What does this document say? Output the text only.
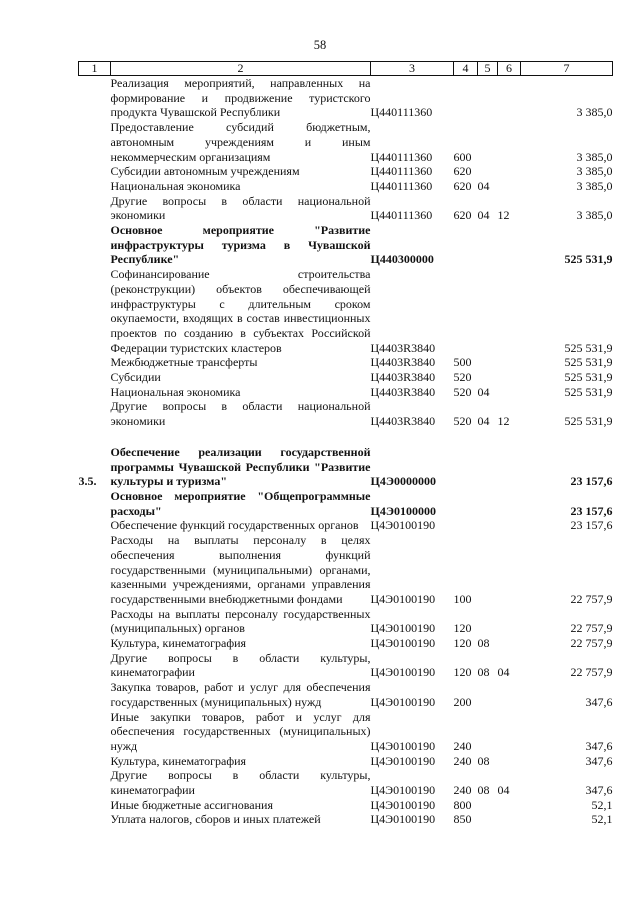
58
1	2	3	4	5	6	7
	Реализация мероприятий, направленных на формирование и продвижение туристского продукта Чувашской Республики	Ц440111360				3 385,0
	Предоставление субсидий бюджетным, автономным учреждениям и иным некоммерческим организациям	Ц440111360	600			3 385,0
	Субсидии автономным учреждениям	Ц440111360	620			3 385,0
	Национальная экономика	Ц440111360	620	04		3 385,0
	Другие вопросы в области национальной экономики	Ц440111360	620	04	12	3 385,0
	Основное мероприятие "Развитие инфраструктуры туризма в Чувашской Республике"	Ц440300000				525 531,9
	Софинансирование строительства (реконструкции) объектов обеспечивающей инфраструктуры с длительным сроком окупаемости, входящих в состав инвестиционных проектов по созданию в субъектах Российской Федерации туристских кластеров	Ц4403R3840				525 531,9
	Межбюджетные трансферты	Ц4403R3840	500			525 531,9
	Субсидии	Ц4403R3840	520			525 531,9
	Национальная экономика	Ц4403R3840	520	04		525 531,9
	Другие вопросы в области национальной экономики	Ц4403R3840	520	04	12	525 531,9

3.5.	Обеспечение реализации государственной программы Чувашской Республики "Развитие культуры и туризма"	Ц4Э0000000				23 157,6
	Основное мероприятие "Общепрограммные расходы"	Ц4Э0100000				23 157,6
	Обеспечение функций государственных органов	Ц4Э0100190				23 157,6
	Расходы на выплаты персоналу в целях обеспечения выполнения функций государственными (муниципальными) органами, казенными учреждениями, органами управления государственными внебюджетными фондами	Ц4Э0100190	100			22 757,9
	Расходы на выплаты персоналу государственных (муниципальных) органов	Ц4Э0100190	120			22 757,9
	Культура, кинематография	Ц4Э0100190	120	08		22 757,9
	Другие вопросы в области культуры, кинематографии	Ц4Э0100190	120	08	04	22 757,9
	Закупка товаров, работ и услуг для обеспечения государственных (муниципальных) нужд	Ц4Э0100190	200			347,6
	Иные закупки товаров, работ и услуг для обеспечения государственных (муниципальных) нужд	Ц4Э0100190	240			347,6
	Культура, кинематография	Ц4Э0100190	240	08		347,6
	Другие вопросы в области культуры, кинематографии	Ц4Э0100190	240	08	04	347,6
	Иные бюджетные ассигнования	Ц4Э0100190	800			52,1
	Уплата налогов, сборов и иных платежей	Ц4Э0100190	850			52,1
